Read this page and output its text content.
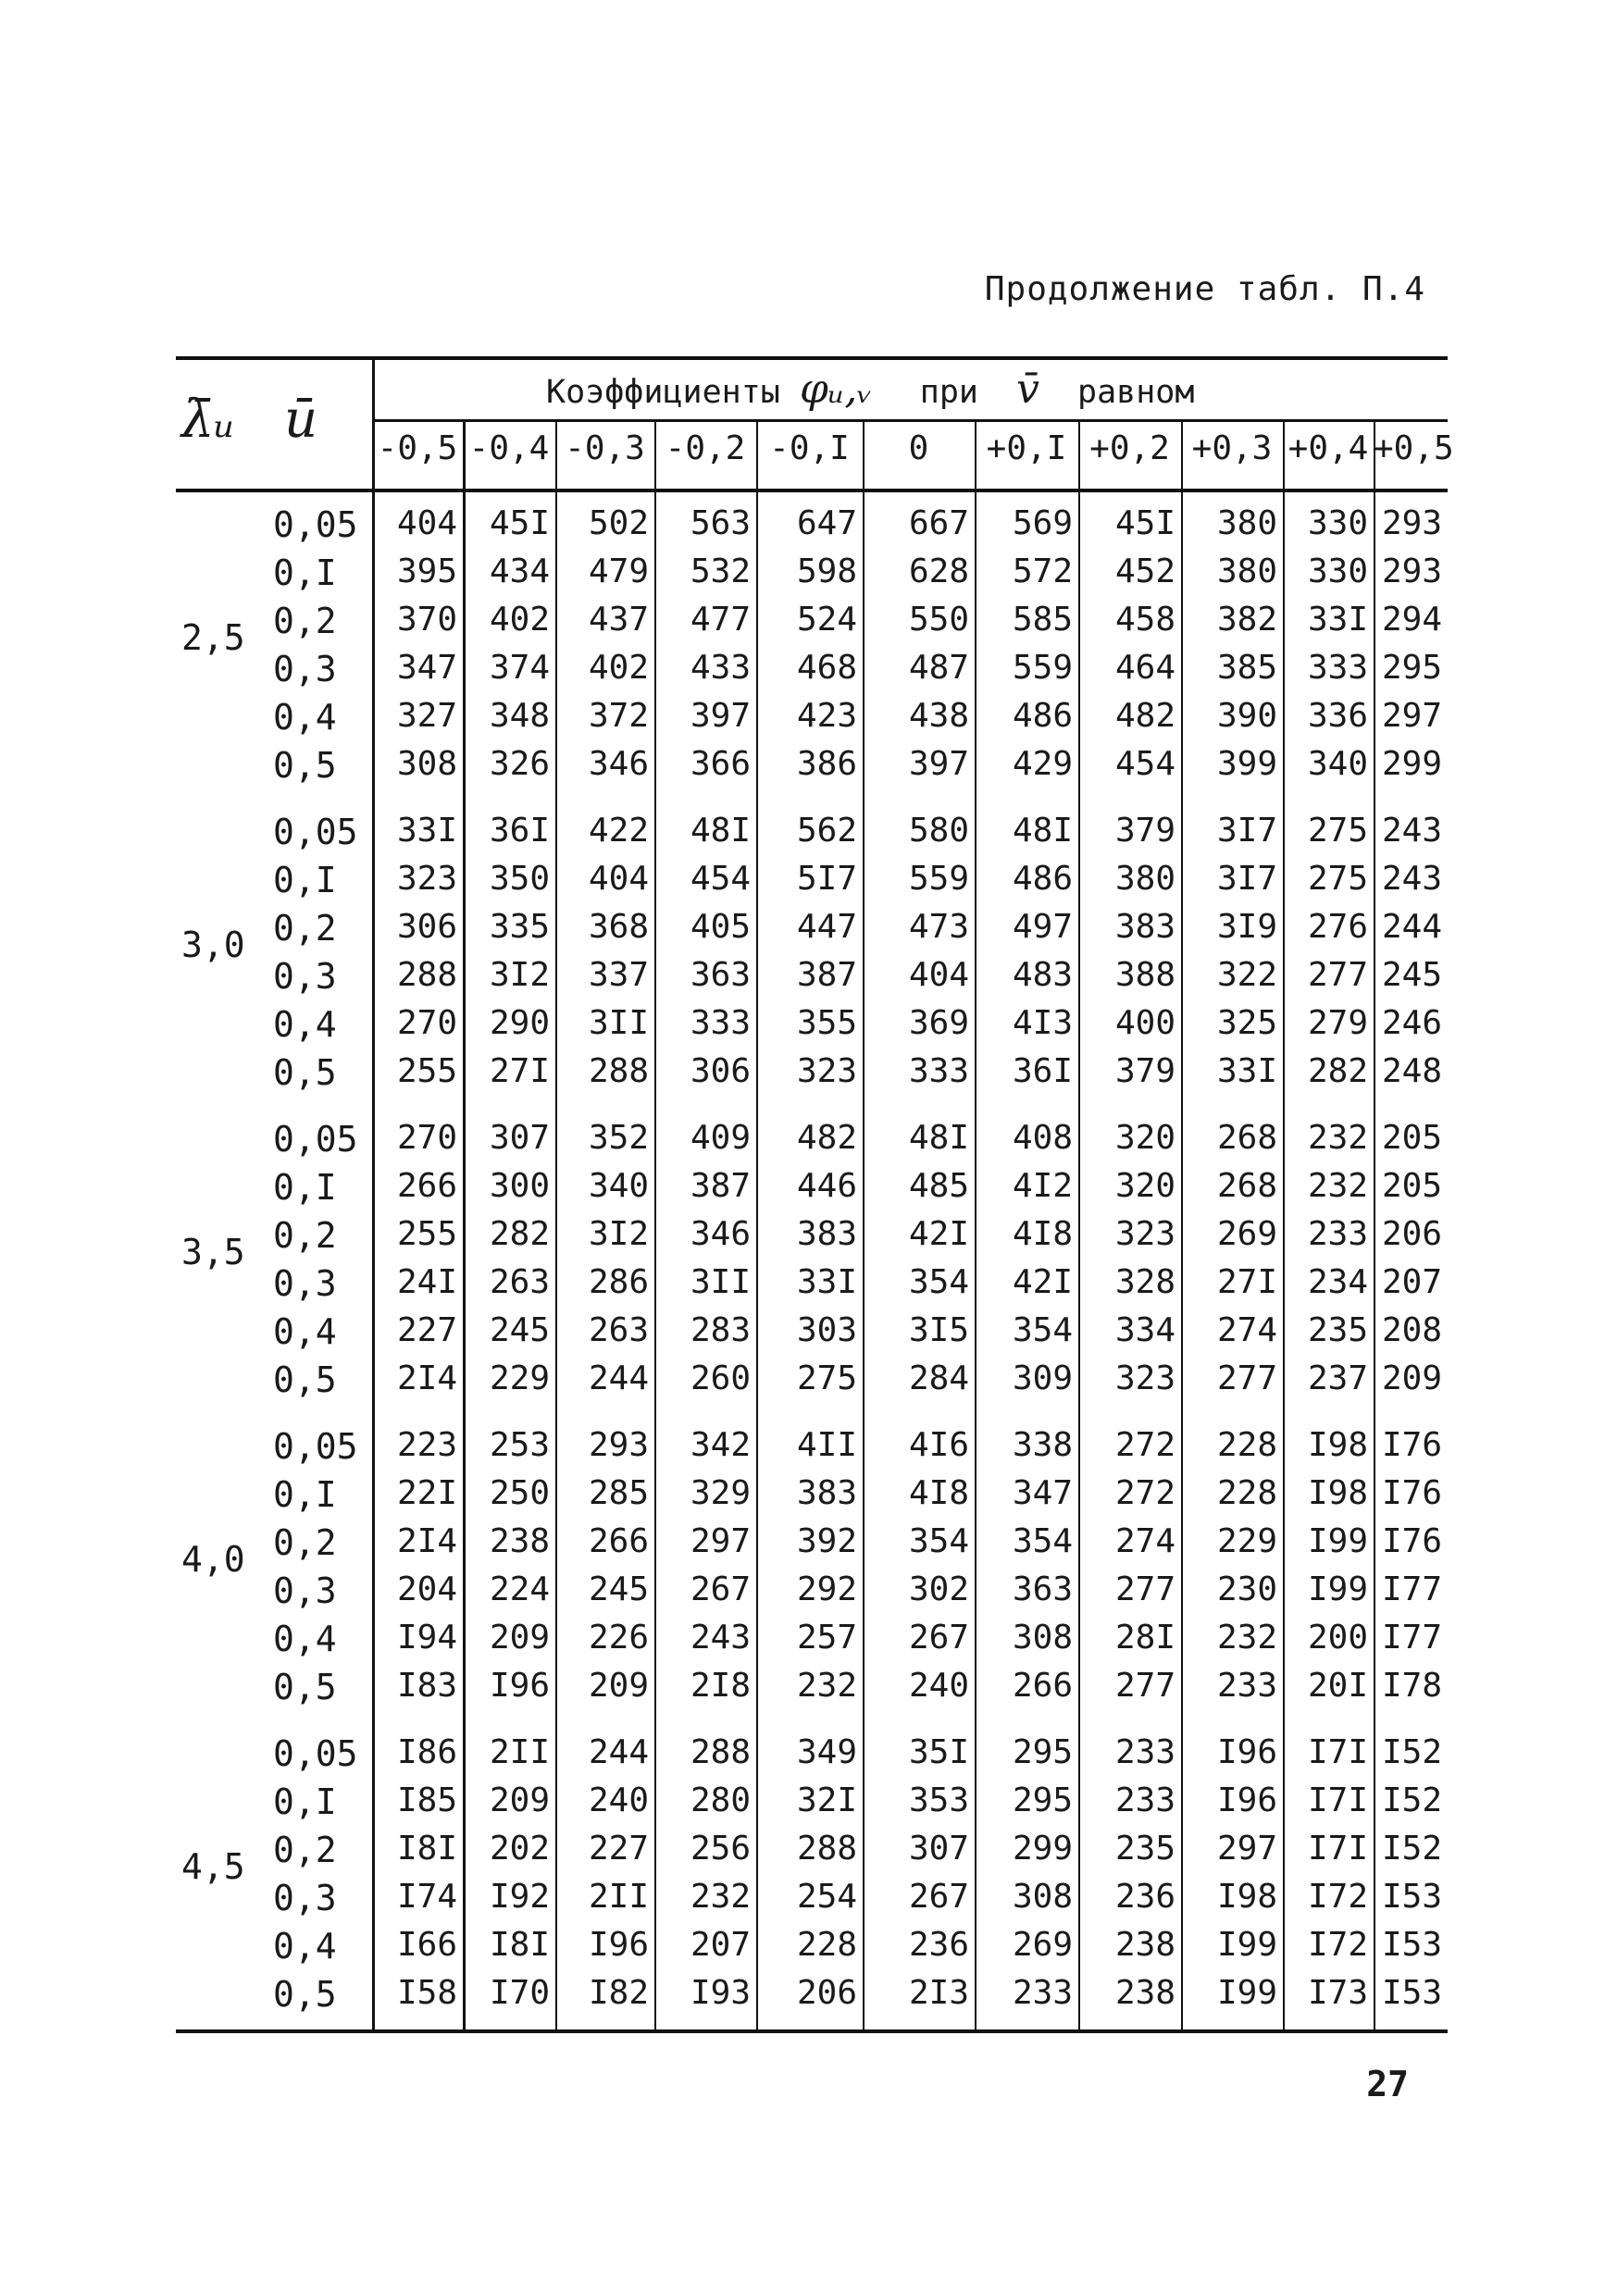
Продолжение табл. П.4
λ̄ᵤ ū	Коэффициенты φᵤ,ᵥ при v̄ равном
-0,5 -0,4 -0,3 -0,2 -0,I	0	+0,I +0,2 +0,3 +0,4 +0,5
2,5
0,05	404 45I	502	563	647	667	569	45I	380 330 293
0,I	395 434	479	532	598	628	572	452	380 330 293
0,2	370 402	437	477	524	550	585	458	382 33I 294
0,3	347 374	402	433	468	487	559	464	385 333 295
0,4	327 348	372	397	423	438	486	482	390 336 297
0,5	308 326	346	366	386	397	429	454	399 340 299
3,0
0,05	33I 36I	422	48I	562	580	48I	379	3I7 275 243
0,I	323 350	404	454	5I7	559	486	380	3I7 275 243
0,2	306 335	368	405	447	473	497	383	3I9 276 244
0,3	288 3I2	337	363	387	404	483	388	322 277 245
0,4	270 290	3II	333	355	369	4I3	400	325 279 246
0,5	255 27I	288	306	323	333	36I	379	33I 282 248
3,5
0,05	270 307	352	409	482	48I	408	320	268 232 205
0,I	266 300	340	387	446	485	4I2	320	268 232 205
0,2	255 282	3I2	346	383	42I	4I8	323	269 233 206
0,3	24I 263	286	3II	33I	354	42I	328	27I 234 207
0,4	227 245	263	283	303	3I5	354	334	274 235 208
0,5	2I4 229	244	260	275	284	309	323	277 237 209
4,0
0,05	223 253	293	342	4II	4I6	338	272	228 I98 I76
0,I	22I 250	285	329	383	4I8	347	272	228 I98 I76
0,2	2I4 238	266	297	392	354	354	274	229 I99 I76
0,3	204 224	245	267	292	302	363	277	230 I99 I77
0,4	I94 209	226	243	257	267	308	28I	232 200 I77
0,5	I83 I96	209	2I8	232	240	266	277	233 20I I78
4,5
0,05	I86 2II	244	288	349	35I	295	233	I96 I7I I52
0,I	I85 209	240	280	32I	353	295	233	I96 I7I I52
0,2	I8I 202	227	256	288	307	299	235	297 I7I I52
0,3	I74 I92	2II	232	254	267	308	236	I98 I72 I53
0,4	I66 I8I	I96	207	228	236	269	238	I99 I72 I53
0,5	I58 I70	I82	I93	206	2I3	233	238	I99 I73 I53
27
